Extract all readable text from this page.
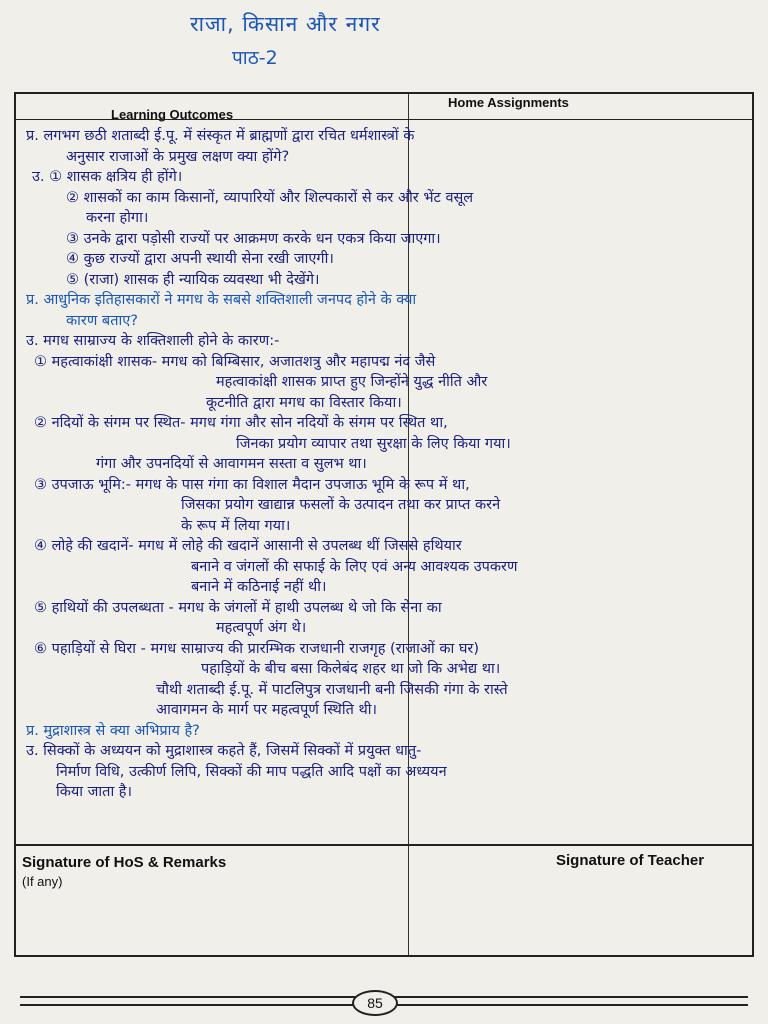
राजा, किसान और नगर
पाठ-2
Learning Outcomes
Home Assignments

प्र. लगभग छठी शताब्दी ई.पू. में संस्कृत में ब्राह्मणों द्वारा रचित धर्मशास्त्रों के

अनुसार राजाओं के प्रमुख लक्षण क्या होंगे?

उ. ① शासक क्षत्रिय ही होंगे।

② शासकों का काम किसानों, व्यापारियों और शिल्पकारों से कर और भेंट वसूल

करना होगा।

③ उनके द्वारा पड़ोसी राज्यों पर आक्रमण करके धन एकत्र किया जाएगा।

④ कुछ राज्यों द्वारा अपनी स्थायी सेना रखी जाएगी।

⑤ (राजा) शासक ही न्यायिक व्यवस्था भी देखेंगे।

प्र. आधुनिक इतिहासकारों ने मगध के सबसे शक्तिशाली जनपद होने के क्या

कारण बताए?

उ. मगध साम्राज्य के शक्तिशाली होने के कारण:-

① महत्वाकांक्षी शासक- मगध को बिम्बिसार, अजातशत्रु और महापद्म नंद जैसे

महत्वाकांक्षी शासक प्राप्त हुए जिन्होंने युद्ध नीति और

कूटनीति द्वारा मगध का विस्तार किया।

② नदियों के संगम पर स्थित- मगध गंगा और सोन नदियों के संगम पर स्थित था,

जिनका प्रयोग व्यापार तथा सुरक्षा के लिए किया गया।

गंगा और उपनदियों से आवागमन सस्ता व सुलभ था।

③ उपजाऊ भूमि:- मगध के पास गंगा का विशाल मैदान उपजाऊ भूमि के रूप में था,

जिसका प्रयोग खाद्यान्न फसलों के उत्पादन तथा कर प्राप्त करने

के रूप में लिया गया।

④ लोहे की खदानें- मगध में लोहे की खदानें आसानी से उपलब्ध थीं जिससे हथियार

बनाने व जंगलों की सफाई के लिए एवं अन्य आवश्यक उपकरण

बनाने में कठिनाई नहीं थी।

⑤ हाथियों की उपलब्धता - मगध के जंगलों में हाथी उपलब्ध थे जो कि सेना का

महत्वपूर्ण अंग थे।

⑥ पहाड़ियों से घिरा - मगध साम्राज्य की प्रारम्भिक राजधानी राजगृह (राजाओं का घर)

पहाड़ियों के बीच बसा किलेबंद शहर था जो कि अभेद्य था।

चौथी शताब्दी ई.पू. में पाटलिपुत्र राजधानी बनी जिसकी गंगा के रास्ते

आवागमन के मार्ग पर महत्वपूर्ण स्थिति थी।

प्र. मुद्राशास्त्र से क्या अभिप्राय है?

उ. सिक्कों के अध्ययन को मुद्राशास्त्र कहते हैं, जिसमें सिक्कों में प्रयुक्त धातु-

निर्माण विधि, उत्कीर्ण लिपि, सिक्कों की माप पद्धति आदि पक्षों का अध्ययन

किया जाता है।

Signature of HoS & Remarks
(If any)
Signature of Teacher
85
